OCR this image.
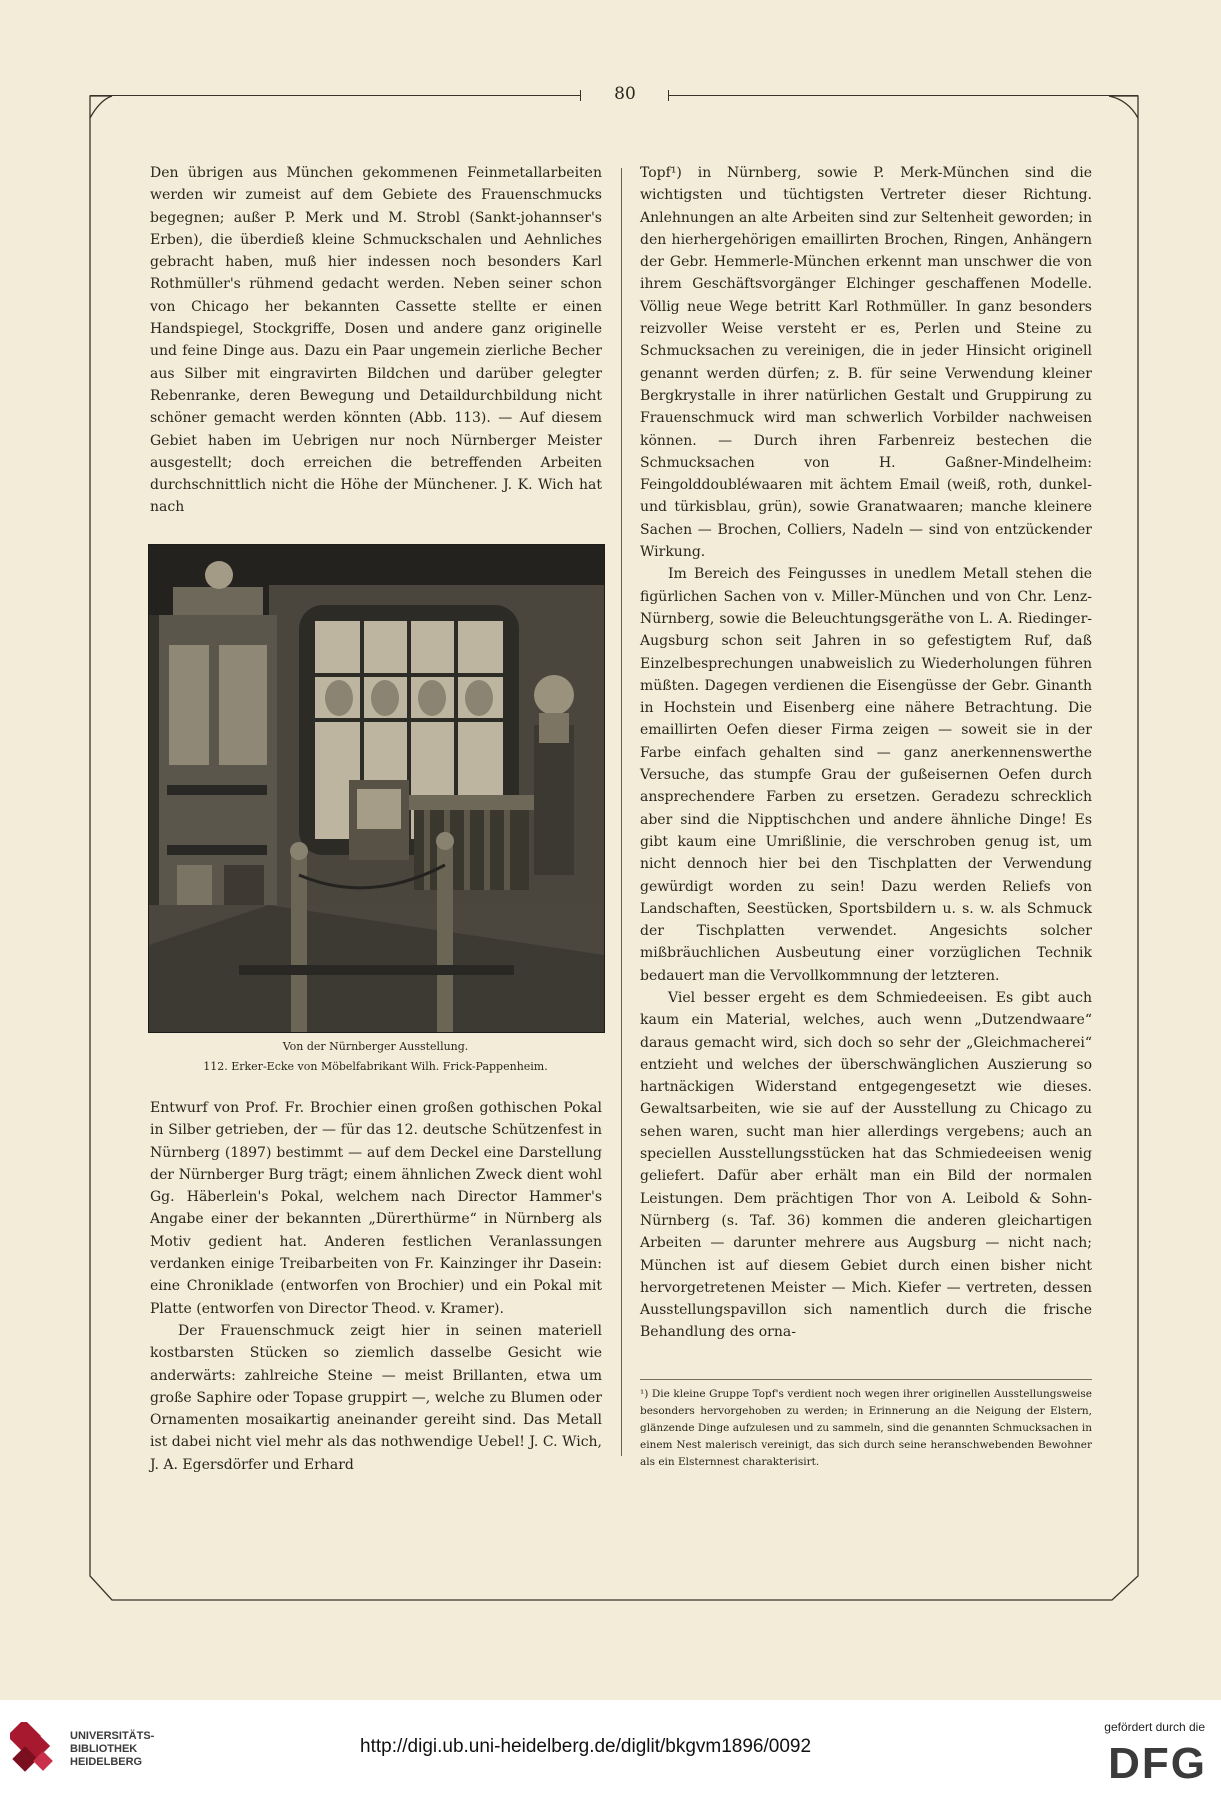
80

Den übrigen aus München gekommenen Feinmetallarbeiten werden wir zumeist auf dem Gebiete des Frauenschmucks begegnen; außer P. Merk und M. Strobl (Sankt-johannser's Erben), die überdieß kleine Schmuckschalen und Aehnliches gebracht haben, muß hier indessen noch besonders Karl Rothmüller's rühmend gedacht werden. Neben seiner schon von Chicago her bekannten Cassette stellte er einen Handspiegel, Stockgriffe, Dosen und andere ganz originelle und feine Dinge aus. Dazu ein Paar ungemein zierliche Becher aus Silber mit eingravirten Bildchen und darüber gelegter Rebenranke, deren Bewegung und Detaildurchbildung nicht schöner gemacht werden könnten (Abb. 113). — Auf diesem Gebiet haben im Uebrigen nur noch Nürnberger Meister ausgestellt; doch erreichen die betreffenden Arbeiten durchschnittlich nicht die Höhe der Münchener. J. K. Wich hat nach

Von der Nürnberger Ausstellung.
112. Erker-Ecke von Möbelfabrikant Wilh. Frick-Pappenheim.

Entwurf von Prof. Fr. Brochier einen großen gothischen Pokal in Silber getrieben, der — für das 12. deutsche Schützenfest in Nürnberg (1897) bestimmt — auf dem Deckel eine Darstellung der Nürnberger Burg trägt; einem ähnlichen Zweck dient wohl Gg. Häberlein's Pokal, welchem nach Director Hammer's Angabe einer der bekannten „Dürerthürme“ in Nürnberg als Motiv gedient hat. Anderen festlichen Veranlassungen verdanken einige Treibarbeiten von Fr. Kainzinger ihr Dasein: eine Chroniklade (entworfen von Brochier) und ein Pokal mit Platte (entworfen von Director Theod. v. Kramer).

Der Frauenschmuck zeigt hier in seinen materiell kostbarsten Stücken so ziemlich dasselbe Gesicht wie anderwärts: zahlreiche Steine — meist Brillanten, etwa um große Saphire oder Topase gruppirt —, welche zu Blumen oder Ornamenten mosaikartig aneinander gereiht sind. Das Metall ist dabei nicht viel mehr als das nothwendige Uebel! J. C. Wich, J. A. Egersdörfer und Erhard

Topf¹) in Nürnberg, sowie P. Merk-München sind die wichtigsten und tüchtigsten Vertreter dieser Richtung. Anlehnungen an alte Arbeiten sind zur Seltenheit geworden; in den hierhergehörigen emaillirten Brochen, Ringen, Anhängern der Gebr. Hemmerle-München erkennt man unschwer die von ihrem Geschäftsvorgänger Elchinger geschaffenen Modelle. Völlig neue Wege betritt Karl Rothmüller. In ganz besonders reizvoller Weise versteht er es, Perlen und Steine zu Schmucksachen zu vereinigen, die in jeder Hinsicht originell genannt werden dürfen; z. B. für seine Verwendung kleiner Bergkrystalle in ihrer natürlichen Gestalt und Gruppirung zu Frauenschmuck wird man schwerlich Vorbilder nachweisen können. — Durch ihren Farbenreiz bestechen die Schmucksachen von H. Gaßner-Mindelheim: Feingolddoubléwaaren mit ächtem Email (weiß, roth, dunkel- und türkisblau, grün), sowie Granatwaaren; manche kleinere Sachen — Brochen, Colliers, Nadeln — sind von entzückender Wirkung.

Im Bereich des Feingusses in unedlem Metall stehen die figürlichen Sachen von v. Miller-München und von Chr. Lenz-Nürnberg, sowie die Beleuchtungsgeräthe von L. A. Riedinger-Augsburg schon seit Jahren in so gefestigtem Ruf, daß Einzelbesprechungen unabweislich zu Wiederholungen führen müßten. Dagegen verdienen die Eisengüsse der Gebr. Ginanth in Hochstein und Eisenberg eine nähere Betrachtung. Die emaillirten Oefen dieser Firma zeigen — soweit sie in der Farbe einfach gehalten sind — ganz anerkennenswerthe Versuche, das stumpfe Grau der gußeisernen Oefen durch ansprechendere Farben zu ersetzen. Geradezu schrecklich aber sind die Nipptischchen und andere ähnliche Dinge! Es gibt kaum eine Umrißlinie, die verschroben genug ist, um nicht dennoch hier bei den Tischplatten der Verwendung gewürdigt worden zu sein! Dazu werden Reliefs von Landschaften, Seestücken, Sportsbildern u. s. w. als Schmuck der Tischplatten verwendet. Angesichts solcher mißbräuchlichen Ausbeutung einer vorzüglichen Technik bedauert man die Vervollkommnung der letzteren.

Viel besser ergeht es dem Schmiedeeisen. Es gibt auch kaum ein Material, welches, auch wenn „Dutzendwaare“ daraus gemacht wird, sich doch so sehr der „Gleichmacherei“ entzieht und welches der überschwänglichen Auszierung so hartnäckigen Widerstand entgegengesetzt wie dieses. Gewaltsarbeiten, wie sie auf der Ausstellung zu Chicago zu sehen waren, sucht man hier allerdings vergebens; auch an speciellen Ausstellungsstücken hat das Schmiedeeisen wenig geliefert. Dafür aber erhält man ein Bild der normalen Leistungen. Dem prächtigen Thor von A. Leibold & Sohn-Nürnberg (s. Taf. 36) kommen die anderen gleichartigen Arbeiten — darunter mehrere aus Augsburg — nicht nach; München ist auf diesem Gebiet durch einen bisher nicht hervorgetretenen Meister — Mich. Kiefer — vertreten, dessen Ausstellungspavillon sich namentlich durch die frische Behandlung des orna-

¹) Die kleine Gruppe Topf's verdient noch wegen ihrer originellen Ausstellungsweise besonders hervorgehoben zu werden; in Erinnerung an die Neigung der Elstern, glänzende Dinge aufzulesen und zu sammeln, sind die genannten Schmucksachen in einem Nest malerisch vereinigt, das sich durch seine heranschwebenden Bewohner als ein Elsternnest charakterisirt.
UNIVERSITÄTS-
BIBLIOTHEK
HEIDELBERG
http://digi.ub.uni-heidelberg.de/diglit/bkgvm1896/0092
gefördert durch die
DFG
